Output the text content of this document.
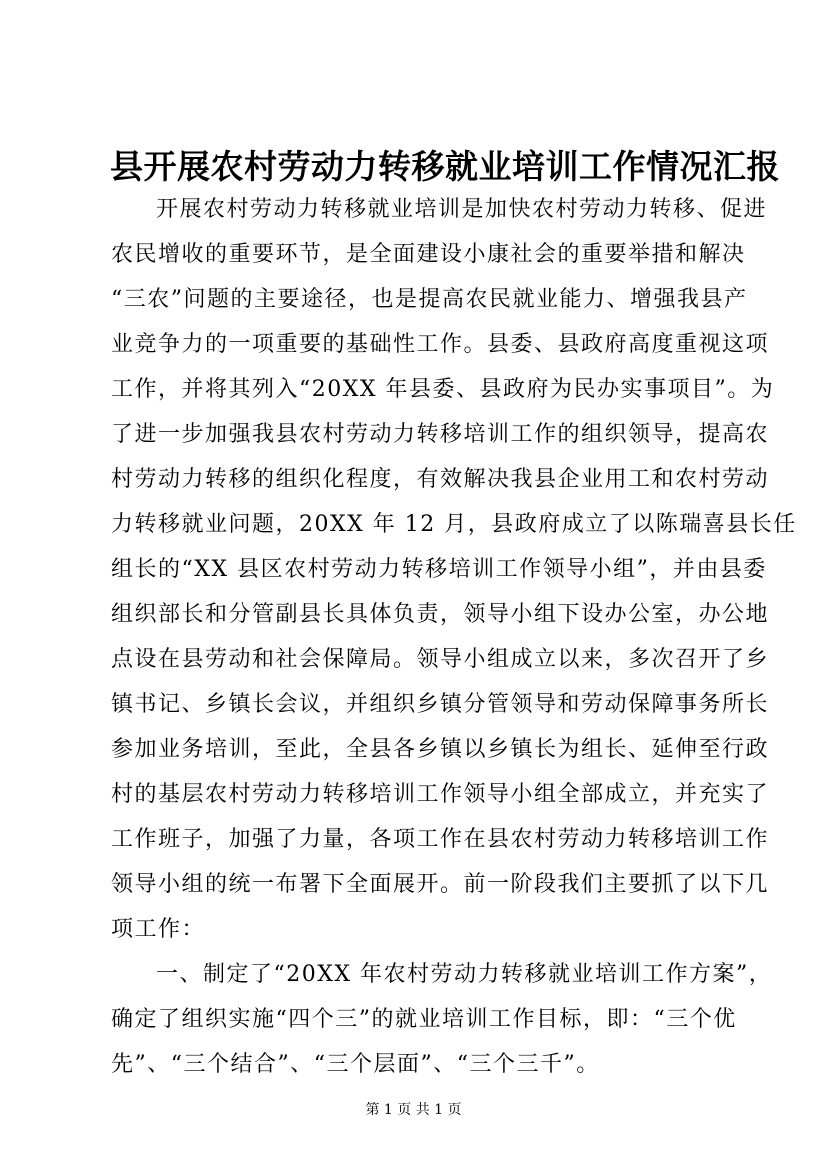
县开展农村劳动力转移就业培训工作情况汇报

开展农村劳动力转移就业培训是加快农村劳动力转移、促进

农民增收的重要环节，是全面建设小康社会的重要举措和解决

“三农”问题的主要途径，也是提高农民就业能力、增强我县产

业竞争力的一项重要的基础性工作。县委、县政府高度重视这项

工作，并将其列入“20XX 年县委、县政府为民办实事项目”。为

了进一步加强我县农村劳动力转移培训工作的组织领导，提高农

村劳动力转移的组织化程度，有效解决我县企业用工和农村劳动

力转移就业问题，20XX 年 12 月，县政府成立了以陈瑞喜县长任

组长的“XX 县区农村劳动力转移培训工作领导小组”，并由县委

组织部长和分管副县长具体负责，领导小组下设办公室，办公地

点设在县劳动和社会保障局。领导小组成立以来，多次召开了乡

镇书记、乡镇长会议，并组织乡镇分管领导和劳动保障事务所长

参加业务培训，至此，全县各乡镇以乡镇长为组长、延伸至行政

村的基层农村劳动力转移培训工作领导小组全部成立，并充实了

工作班子，加强了力量，各项工作在县农村劳动力转移培训工作

领导小组的统一布署下全面展开。前一阶段我们主要抓了以下几

项工作：

一、制定了“20XX 年农村劳动力转移就业培训工作方案”，

确定了组织实施“四个三”的就业培训工作目标，即：“三个优

先”、“三个结合”、“三个层面”、“三个三千”。

第 1 页 共 1 页
